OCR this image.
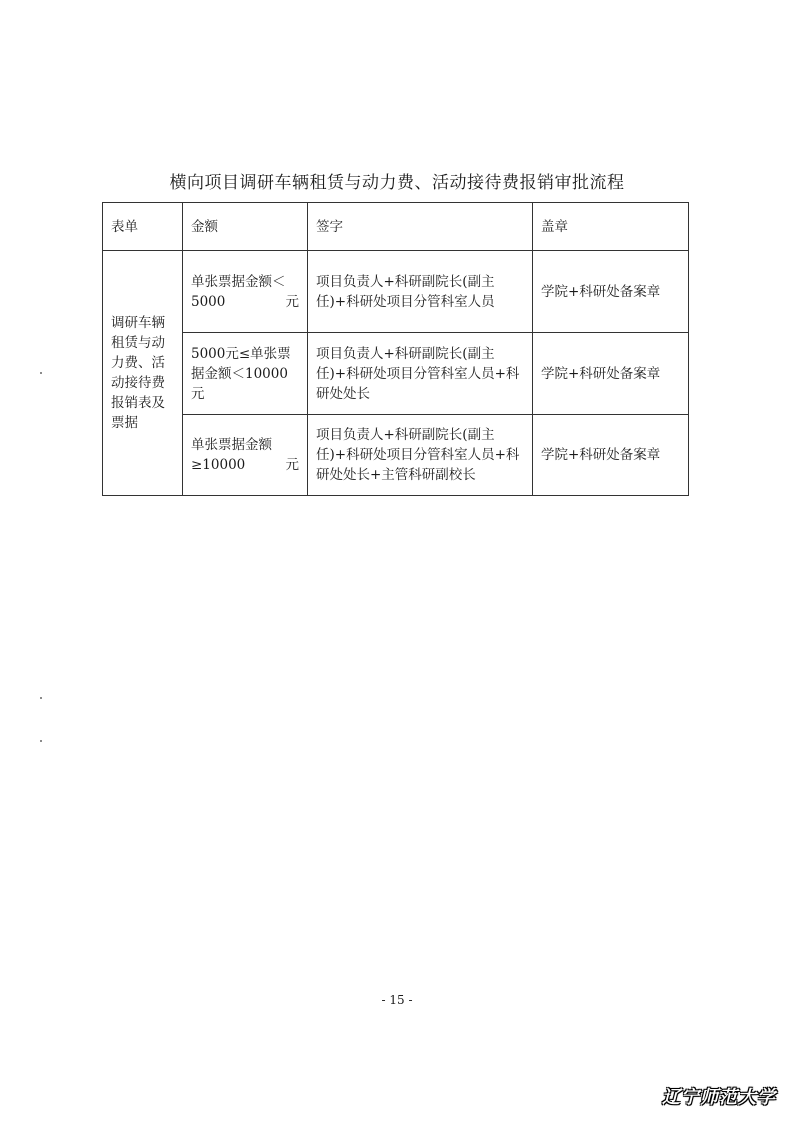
横向项目调研车辆租赁与动力费、活动接待费报销审批流程
表单	金额	签字	盖章
调研车辆租赁与动力费、活动接待费报销表及票据	单张票据金额＜5000元	项目负责人+科研副院长(副主任)+科研处项目分管科室人员	学院+科研处备案章
	5000元≤单张票据金额＜10000元	项目负责人+科研副院长(副主任)+科研处项目分管科室人员+科研处处长	学院+科研处备案章
	单张票据金额≥10000元	项目负责人+科研副院长(副主任)+科研处项目分管科室人员+科研处处长+主管科研副校长	学院+科研处备案章
- 15 -
辽宁师范大学
